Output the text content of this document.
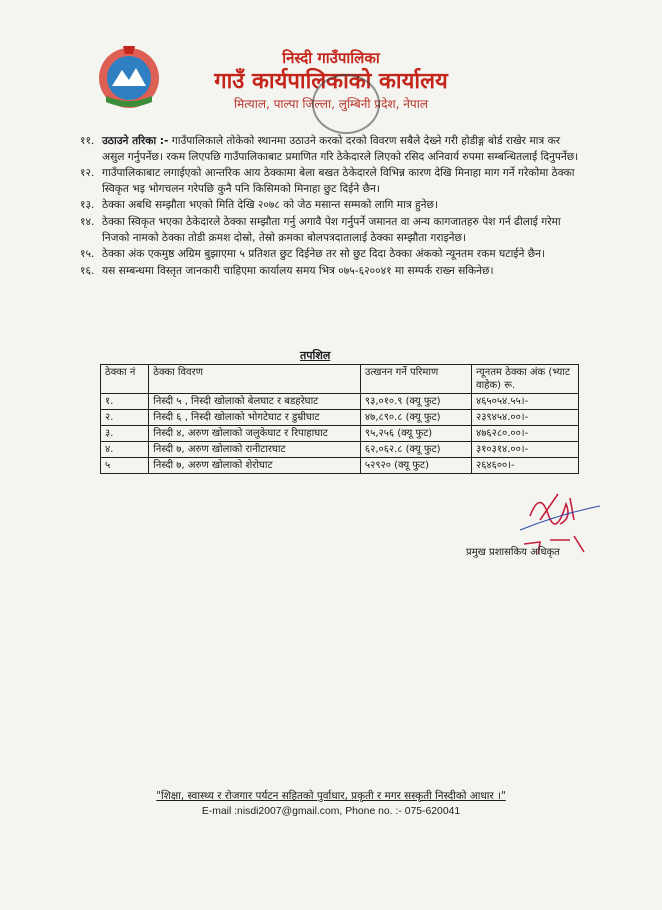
निस्दी गाउँपालिका
गाउँ कार्यपालिकाको कार्यालय
मित्याल, पाल्पा जिल्ला, लुम्बिनी प्रदेश, नेपाल
११. उठाउने तरिका :- गाउँपालिकाले तोकेको स्थानमा उठाउने करको दरको विवरण सबैले देख्ने गरी होडीङ्ग बोर्ड राखेर मात्र कर असुल गर्नुपर्नेछ। रकम लिएपछि गाउँपालिकाबाट प्रमाणित गरि ठेकेदारले लिएको रसिद अनिवार्य रुपमा सम्बन्धितलाई दिनुपर्नेछ।
१२. गाउँपालिकाबाट लगाईएको आन्तरिक आय ठेक्कामा बेला बखत ठेकेदारले विभिन्न कारण देखि मिनाहा माग गर्ने गरेकोमा ठेक्का स्विकृत भइ भोगचलन गरेपछि कुनै पनि किसिमको मिनाहा छुट दिईने छैन।
१३. ठेक्का अबधि सम्झौता भएको मिति देखि २०७८ को जेठ मसान्त सम्मको लागि मात्र हुनेछ।
१४. ठेक्का स्विकृत भएका ठेकेदारले ठेक्का सम्झौता गर्नु अगावै पेश गर्नुपर्ने जमानत वा अन्य कागजातहरु पेश गर्न ढीलाई गरेमा निजको नामको ठेक्का तोडी क्रमश दोस्रो, तेस्रो क्रमका बोलपत्रदातालाई ठेक्का सम्झौता गराइनेछ।
१५. ठेक्का अंक एकमुष्ठ अग्रिम बुझाएमा ५ प्रतिशत छुट दिईनेछ तर सो छुट दिदा ठेक्का अंकको न्यूनतम रकम घटाईने छैन।
१६. यस सम्बन्धमा विस्तृत जानकारी चाहिएमा कार्यालय समय भित्र ०७५-६२००४१ मा सम्पर्क राख्न सकिनेछ।
तपशिल
ठेक्का नं	ठेक्का विवरण	उत्खनन गर्ने परिमाण	न्यूनतम ठेक्का अंक (भ्याट वाहेक) रू.
१.	निस्दी ५ , निस्दी खोलाको बेलघाट र बडहरेघाट	९३,०१०.९ (क्यू फुट)	४६५०५४.५५।-
२.	निस्दी ६ , निस्दी खोलाको भोगटेघाट र डुम्रीघाट	४७,८९०.८ (क्यू फुट)	२३९४५४.००।-
३.	निस्दी ४, अरुण खोलाको जलुकेघाट र रिपाहाघाट	९५,२५६ (क्यू फुट)	४७६२८०.००।-
४.	निस्दी ७, अरुण खोलाको रानीटारघाट	६२,०६२.८ (क्यू फुट)	३१०३१४.००।-
५	निस्दी ७, अरुण खोलाको शेरोघाट	५२९२० (क्यू फुट)	२६४६००।-
प्रमुख प्रशासकिय अधिकृत
"शिक्षा, स्वास्थ्य र रोजगार पर्यटन सहितको पुर्वाधार, प्रकृती र मगर सस्कृती निस्दीको आधार ।"
E-mail :nisdi2007@gmail.com, Phone no. :- 075-620041
